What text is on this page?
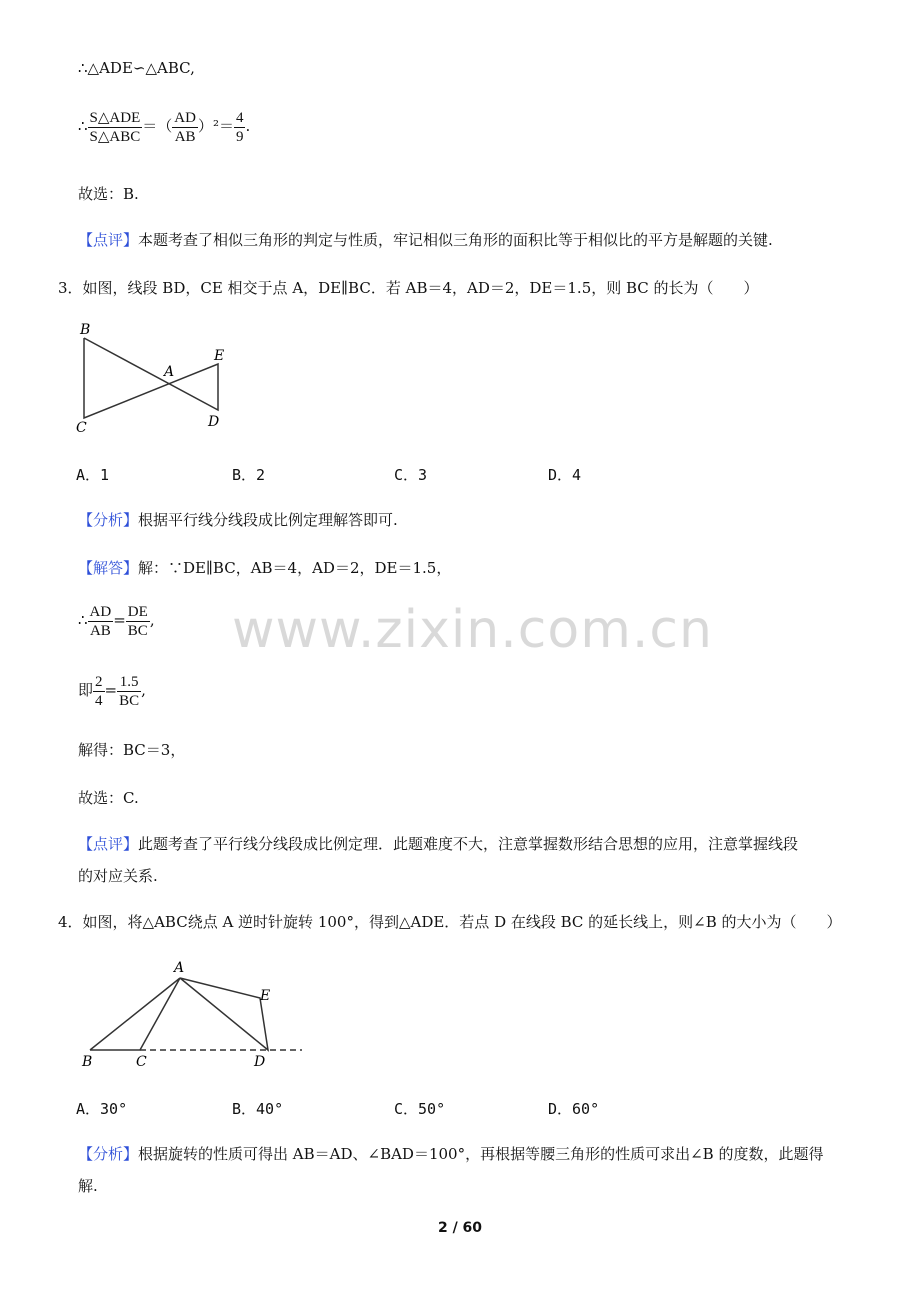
∴△ADE∽△ABC,
∴ $\frac{\text{S△ADE}}{\text{S△ABC}}$ ＝（ $\frac{AD}{AB} )^2= \frac{4}{9}$ .
故选：B.
【点评】本题考查了相似三角形的判定与性质，牢记相似三角形的面积比等于相似比的平方是解题的关键.
3．如图，线段 BD，CE 相交于点 A，DE∥BC．若 AB＝4，AD＝2，DE＝1.5，则 BC 的长为（　　）
B
E
A
C	D
A．1	B．2	C．3	D．4
【分析】根据平行线分线段成比例定理解答即可.
【解答】解：∵DE∥BC，AB＝4，AD＝2，DE＝1.5，
∴ $\frac{AD}{AB} = \frac{DE}{BC}$ ,
即 $\frac{2}{4} = \frac{1.5}{BC}$ ,
解得：BC＝3，
故选：C.
【点评】此题考查了平行线分线段成比例定理．此题难度不大，注意掌握数形结合思想的应用，注意掌握线段
的对应关系.
4．如图，将△ABC绕点 A 逆时针旋转 100°，得到△ADE．若点 D 在线段 BC 的延长线上，则∠B 的大小为（　　）
A
E
B	C	D
A．30°	B．40°	C．50°	D．60°
【分析】根据旋转的性质可得出 AB＝AD、∠BAD＝100°，再根据等腰三角形的性质可求出∠B 的度数，此题得
解.
www.zixin.com.cn
2 / 60
